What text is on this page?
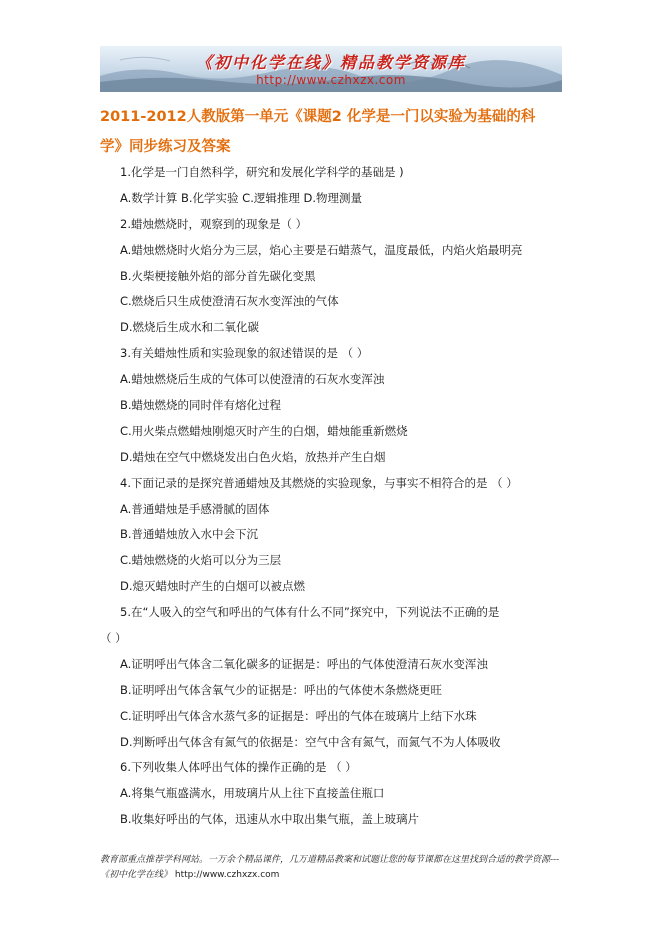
《初中化学在线》精品教学资源库
http://www.czhxzx.com
2011-2012人教版第一单元《课题2 化学是一门以实验为基础的科
学》同步练习及答案
1.化学是一门自然科学，研究和发展化学科学的基础是 )
A.数学计算 B.化学实验 C.逻辑推理 D.物理测量
2.蜡烛燃烧时，观察到的现象是（ ）
A.蜡烛燃烧时火焰分为三层，焰心主要是石蜡蒸气，温度最低，内焰火焰最明亮
B.火柴梗接触外焰的部分首先碳化变黑
C.燃烧后只生成使澄清石灰水变浑浊的气体
D.燃烧后生成水和二氧化碳
3.有关蜡烛性质和实验现象的叙述错误的是 （ ）
A.蜡烛燃烧后生成的气体可以使澄清的石灰水变浑浊
B.蜡烛燃烧的同时伴有熔化过程
C.用火柴点燃蜡烛刚熄灭时产生的白烟，蜡烛能重新燃烧
D.蜡烛在空气中燃烧发出白色火焰，放热并产生白烟
4.下面记录的是探究普通蜡烛及其燃烧的实验现象，与事实不相符合的是 （ ）
A.普通蜡烛是手感滑腻的固体
B.普通蜡烛放入水中会下沉
C.蜡烛燃烧的火焰可以分为三层
D.熄灭蜡烛时产生的白烟可以被点燃
5.在“人吸入的空气和呼出的气体有什么不同”探究中，下列说法不正确的是
（ ）
A.证明呼出气体含二氧化碳多的证据是：呼出的气体使澄清石灰水变浑浊
B.证明呼出气体含氧气少的证据是：呼出的气体使木条燃烧更旺
C.证明呼出气体含水蒸气多的证据是：呼出的气体在玻璃片上结下水珠
D.判断呼出气体含有氮气的依据是：空气中含有氮气，而氮气不为人体吸收
6.下列收集人体呼出气体的操作正确的是 （ ）
A.将集气瓶盛满水，用玻璃片从上往下直接盖住瓶口
B.收集好呼出的气体，迅速从水中取出集气瓶，盖上玻璃片
教育部重点推荐学科网站。一万余个精品课件，几万道精品教案和试题让您的每节课都在这里找到合适的教学资源---《初中化学在线》 http://www.czhxzx.com
